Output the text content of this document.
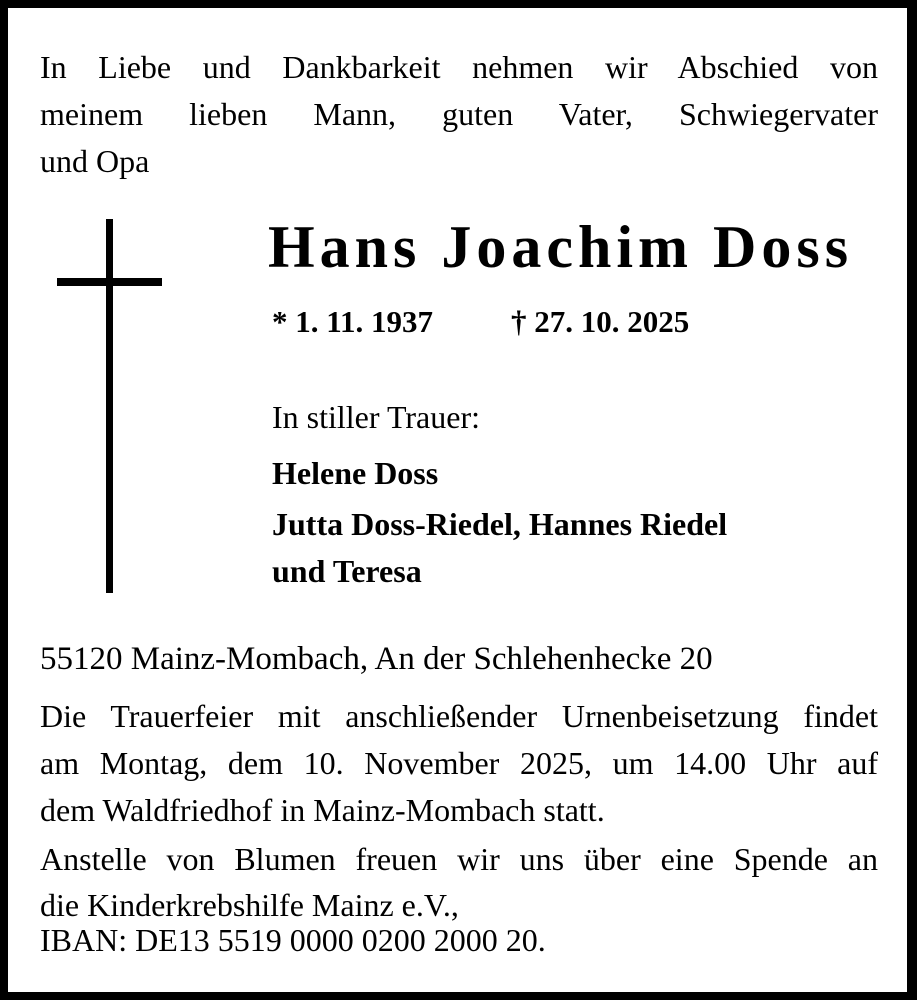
In Liebe und Dankbarkeit nehmen wir Abschied von
meinem lieben Mann, guten Vater, Schwiegervater
und Opa
Hans Joachim Doss
* 1. 11. 1937	† 27. 10. 2025
In stiller Trauer:
Helene Doss
Jutta Doss-Riedel, Hannes Riedel
und Teresa
55120 Mainz-Mombach, An der Schlehenhecke 20
Die Trauerfeier mit anschließender Urnenbeisetzung findet
am Montag, dem 10. November 2025, um 14.00 Uhr auf
dem Waldfriedhof in Mainz-Mombach statt.
Anstelle von Blumen freuen wir uns über eine Spende an
die Kinderkrebshilfe Mainz e.V.,
IBAN: DE13 5519 0000 0200 2000 20.
